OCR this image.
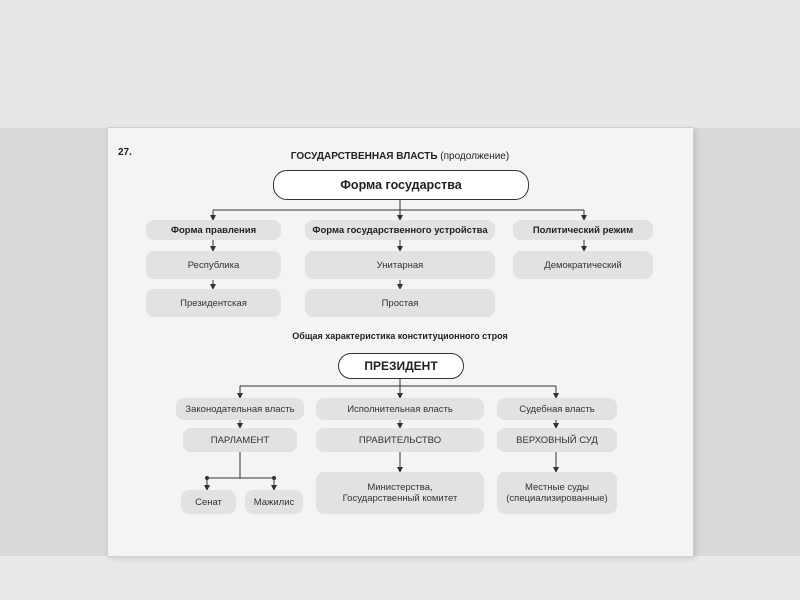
27.	ГОСУДАРСТВЕННАЯ ВЛАСТЬ (продолжение)
Форма государства
Форма правления
Республика
Президентская
Форма государственного устройства
Унитарная
Простая
Политический режим
Демократический
Общая характеристика конституционного строя
ПРЕЗИДЕНТ
Законодательная власть
ПАРЛАМЕНТ
Сенат	Мажилис
Исполнительная власть
ПРАВИТЕЛЬСТВО
Министерства,
Государственный комитет
Судебная власть
ВЕРХОВНЫЙ СУД
Местные суды
(специализированные)
